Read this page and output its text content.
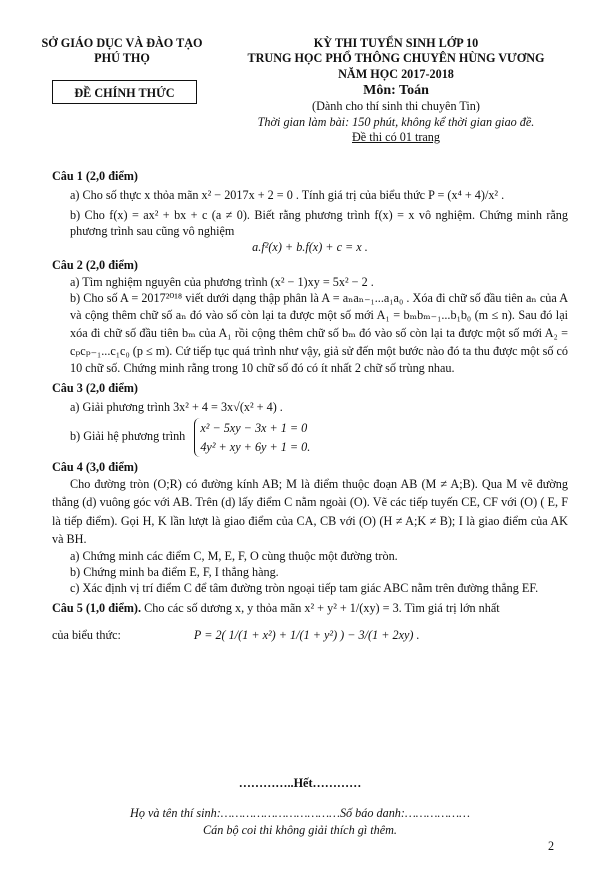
SỞ GIÁO DỤC VÀ ĐÀO TẠO
PHÚ THỌ
ĐỀ CHÍNH THỨC
KỲ THI TUYỂN SINH LỚP 10
TRUNG HỌC PHỔ THÔNG CHUYÊN HÙNG VƯƠNG
NĂM HỌC 2017-2018
Môn: Toán
(Dành cho thí sinh thi chuyên Tin)
Thời gian làm bài: 150 phút, không kể thời gian giao đề.
Đề thi có 01 trang

Câu 1 (2,0 điểm)

a) Cho số thực x thỏa mãn x² − 2017x + 2 = 0 . Tính giá trị của biểu thức P = (x⁴ + 4)/x² .

b) Cho f(x) = ax² + bx + c (a ≠ 0). Biết rằng phương trình f(x) = x vô nghiệm. Chứng minh rằng phương trình sau cũng vô nghiệm

a.f²(x) + b.f(x) + c = x .

Câu 2 (2,0 điểm)

a) Tìm nghiệm nguyên của phương trình (x² − 1)xy = 5x² − 2 .

b) Cho số A = 2017²⁰¹⁸ viết dưới dạng thập phân là A = aₙaₙ₋₁...a₁a₀ . Xóa đi chữ số đầu tiên aₙ của A và cộng thêm chữ số aₙ đó vào số còn lại ta được một số mới A₁ = bₘbₘ₋₁...b₁b₀ (m ≤ n). Sau đó lại xóa đi chữ số đầu tiên bₘ của A₁ rồi cộng thêm chữ số bₘ đó vào số còn lại ta được một số mới A₂ = cₚcₚ₋₁...c₁c₀ (p ≤ m). Cứ tiếp tục quá trình như vậy, giả sử đến một bước nào đó ta thu được một số có 10 chữ số. Chứng minh rằng trong 10 chữ số đó có ít nhất 2 chữ số trùng nhau.

Câu 3 (2,0 điểm)

a) Giải phương trình 3x² + 4 = 3x√(x² + 4) .

b) Giải hệ phương trình
x² − 5xy − 3x + 1 = 0
4y² + xy + 6y + 1 = 0.

Câu 4 (3,0 điểm)

Cho đường tròn (O;R) có đường kính AB; M là điểm thuộc đoạn AB (M ≠ A;B). Qua M vẽ đường thẳng (d) vuông góc với AB. Trên (d) lấy điểm C nằm ngoài (O). Vẽ các tiếp tuyến CE, CF với (O) ( E, F là tiếp điểm). Gọi H, K lần lượt là giao điểm của CA, CB với (O) (H ≠ A;K ≠ B); I là giao điểm của AK và BH.

a) Chứng minh các điểm C, M, E, F, O cùng thuộc một đường tròn.

b) Chứng minh ba điểm E, F, I thẳng hàng.

c) Xác định vị trí điểm C để tâm đường tròn ngoại tiếp tam giác ABC nằm trên đường thẳng EF.

Câu 5 (1,0 điểm). Cho các số dương x, y thỏa mãn x² + y² + 1/(xy) = 3. Tìm giá trị lớn nhất

của biểu thức:	P = 2( 1/(1 + x²) + 1/(1 + y²) ) − 3/(1 + 2xy) .

…………..Hết…………
Họ và tên thí sinh:……………………………Số báo danh:………………
Cán bộ coi thi không giải thích gì thêm.
2
